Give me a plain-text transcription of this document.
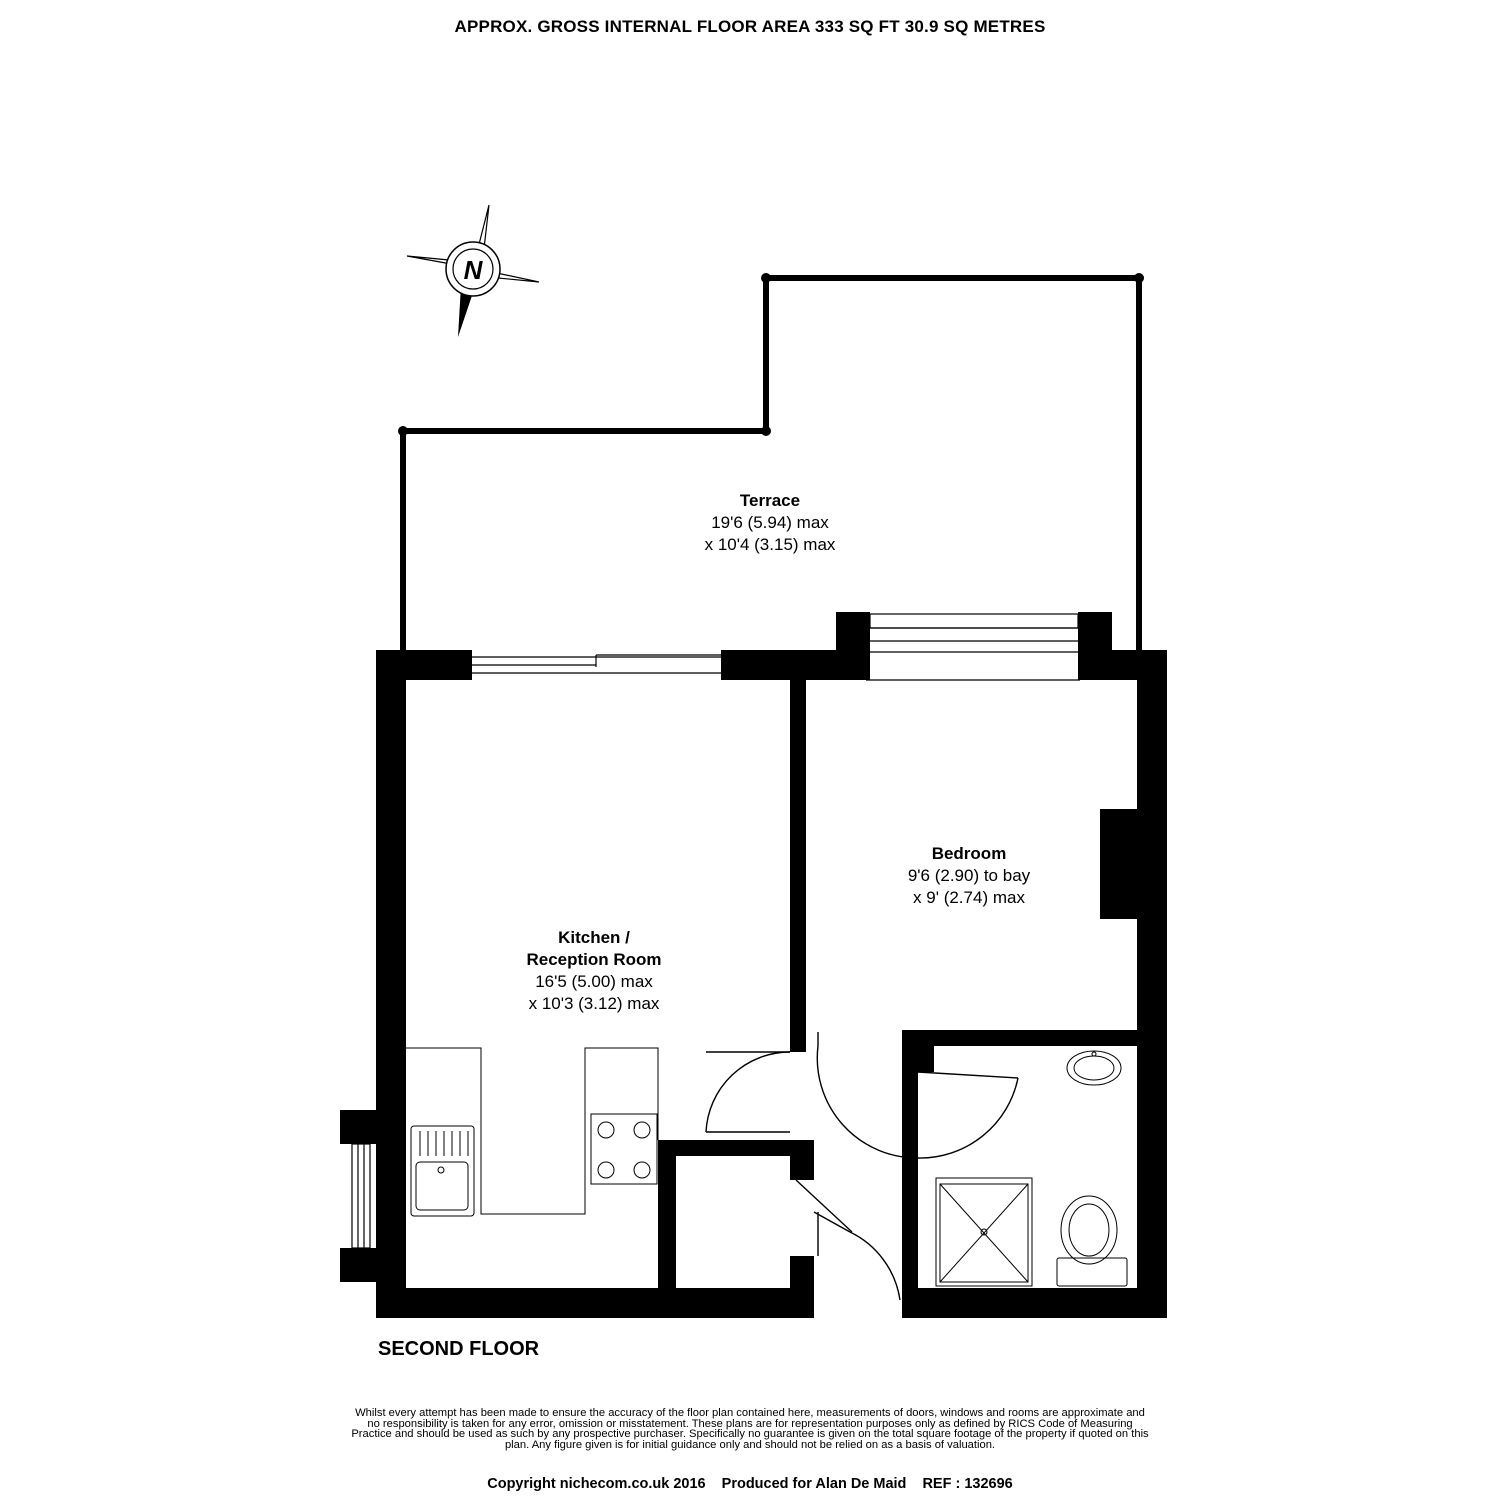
APPROX. GROSS INTERNAL FLOOR AREA 333 SQ FT 30.9 SQ METRES
N
Terrace
19'6 (5.94) max
x 10'4 (3.15) max
Bedroom
9'6 (2.90) to bay
x 9' (2.74) max
Kitchen /
Reception Room
16'5 (5.00) max
x 10'3 (3.12) max
SECOND FLOOR
Whilst every attempt has been made to ensure the accuracy of the floor plan contained here, measurements of doors, windows and rooms are approximate and no responsibility is taken for any error, omission or misstatement. These plans are for representation purposes only as defined by RICS Code of Measuring Practice and should be used as such by any prospective purchaser. Specifically no guarantee is given on the total square footage of the property if quoted on this plan. Any figure given is for initial guidance only and should not be relied on as a basis of valuation.
Copyright nichecom.co.uk 2016 Produced for Alan De Maid REF : 132696
